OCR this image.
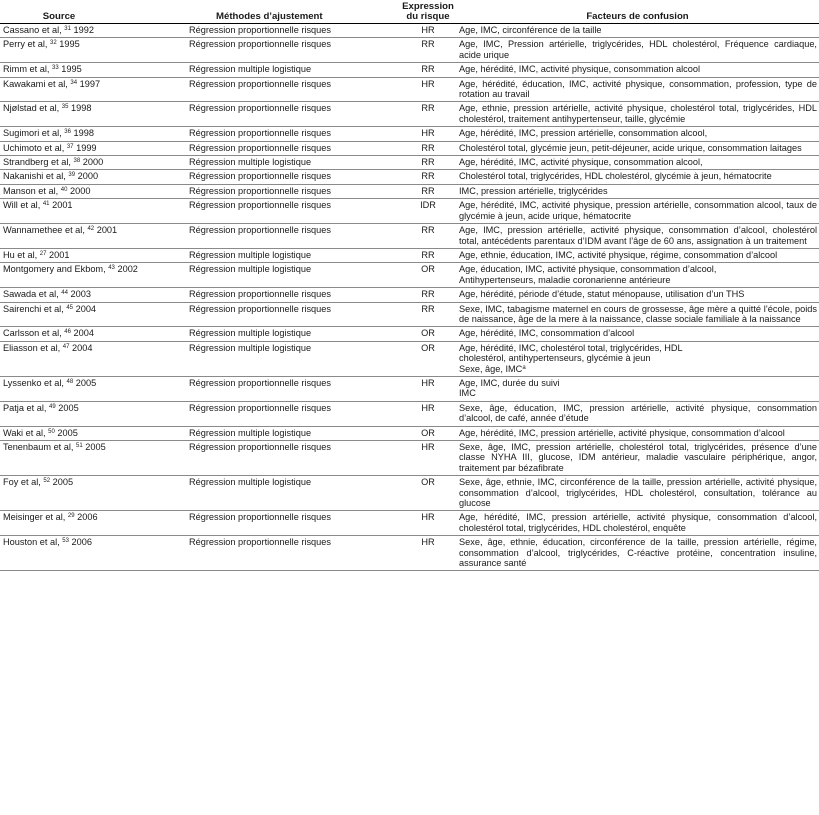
Source	Méthodes d’ajustement	Expression du risque	Facteurs de confusion
Cassano et al, $^{31}$ 1992	Régression proportionnelle risques	HR	Age, IMC, circonférence de la taille

Perry et al, $^{32}$ 1995	Régression proportionnelle risques	RR	Age, IMC, Pression artérielle, triglycérides, HDL cholestérol, Fréquence cardiaque, acide urique

Rimm et al, $^{33}$ 1995	Régression multiple logistique	RR	Age, hérédité, IMC, activité physique, consommation alcool

Kawakami et al, $^{34}$ 1997	Régression proportionnelle risques	HR	Age, hérédité, éducation, IMC, activité physique, consommation, profession, type de rotation au travail

Njølstad et al, $^{35}$ 1998	Régression proportionnelle risques	RR	Age, ethnie, pression artérielle, activité physique, cholestérol total, triglycérides, HDL cholestérol, traitement antihypertenseur, taille, glycémie

Sugimori et al, $^{36}$ 1998	Régression proportionnelle risques	HR	Age, hérédité, IMC, pression artérielle, consommation alcool,

Uchimoto et al, $^{37}$ 1999	Régression proportionnelle risques	RR	Cholestérol total, glycémie jeun, petit-déjeuner, acide urique, consommation laitages

Strandberg et al, $^{38}$ 2000	Régression multiple logistique	RR	Age, hérédité, IMC, activité physique, consommation alcool,

Nakanishi et al, $^{39}$ 2000	Régression proportionnelle risques	RR	Cholestérol total, triglycérides, HDL cholestérol, glycémie à jeun, hématocrite

Manson et al, $^{40}$ 2000	Régression proportionnelle risques	RR	IMC, pression artérielle, triglycérides

Will et al, $^{41}$ 2001	Régression proportionnelle risques	IDR	Age, hérédité, IMC, activité physique, pression artérielle, consommation alcool, taux de glycémie à jeun, acide urique, hématocrite

Wannamethee et al, $^{42}$ 2001	Régression proportionnelle risques	RR	Age, IMC, pression artérielle, activité physique, consommation d’alcool, cholestérol total, antécédents parentaux d’IDM avant l’âge de 60 ans, assignation à un traitement

Hu et al, $^{27}$ 2001	Régression multiple logistique	RR	Age, ethnie, éducation, IMC, activité physique, régime, consommation d’alcool

Montgomery and Ekbom, $^{43}$ 2002	Régression multiple logistique	OR	Age, éducation, IMC, activité physique, consommation d’alcool,
Antihypertenseurs, maladie coronarienne antérieure

Sawada et al, $^{44}$ 2003	Régression proportionnelle risques	RR	Age, hérédité, période d’étude, statut ménopause, utilisation d’un THS

Sairenchi et al, $^{45}$ 2004	Régression proportionnelle risques	RR	Sexe, IMC, tabagisme maternel en cours de grossesse, âge mère a quitté l’école, poids de naissance, âge de la mere à la naissance, classe sociale familiale à la naissance

Carlsson et al, $^{46}$ 2004	Régression multiple logistique	OR	Age, hérédité, IMC, consommation d’alcool

Eliasson et al, $^{47}$ 2004	Régression multiple logistique	OR	Age, hérédité, IMC, cholestérol total, triglycérides, HDL
cholestérol, antihypertenseurs, glycémie à jeun
Sexe, âge, IMC$^a$

Lyssenko et al, $^{48}$ 2005	Régression proportionnelle risques	HR	Age, IMC, durée du suivi
IMC

Patja et al, $^{49}$ 2005	Régression proportionnelle risques	HR	Sexe, âge, éducation, IMC, pression artérielle, activité physique, consommation d’alcool, de café, année d’étude

Waki et al, $^{50}$ 2005	Régression multiple logistique	OR	Age, hérédité, IMC, pression artérielle, activité physique, consommation d’alcool

Tenenbaum et al, $^{51}$ 2005	Régression proportionnelle risques	HR	Sexe, âge, IMC, pression artérielle, cholestérol total, triglycérides, présence d’une classe NYHA III, glucose, IDM antérieur, maladie vasculaire périphérique, angor, traitement par bézafibrate

Foy et al, $^{52}$ 2005	Régression multiple logistique	OR	Sexe, âge, ethnie, IMC, circonférence de la taille, pression artérielle, activité physique, consommation d’alcool, triglycérides, HDL cholestérol, consultation, tolérance au glucose

Meisinger et al, $^{29}$ 2006	Régression proportionnelle risques	HR	Age, hérédité, IMC, pression artérielle, activité physique, consommation d’alcool, cholestérol total, triglycérides, HDL cholestérol, enquête

Houston et al, $^{53}$ 2006	Régression proportionnelle risques	HR	Sexe, âge, ethnie, éducation, circonférence de la taille, pression artérielle, régime, consommation d’alcool, triglycérides, C-réactive protéine, concentration insuline, assurance santé
